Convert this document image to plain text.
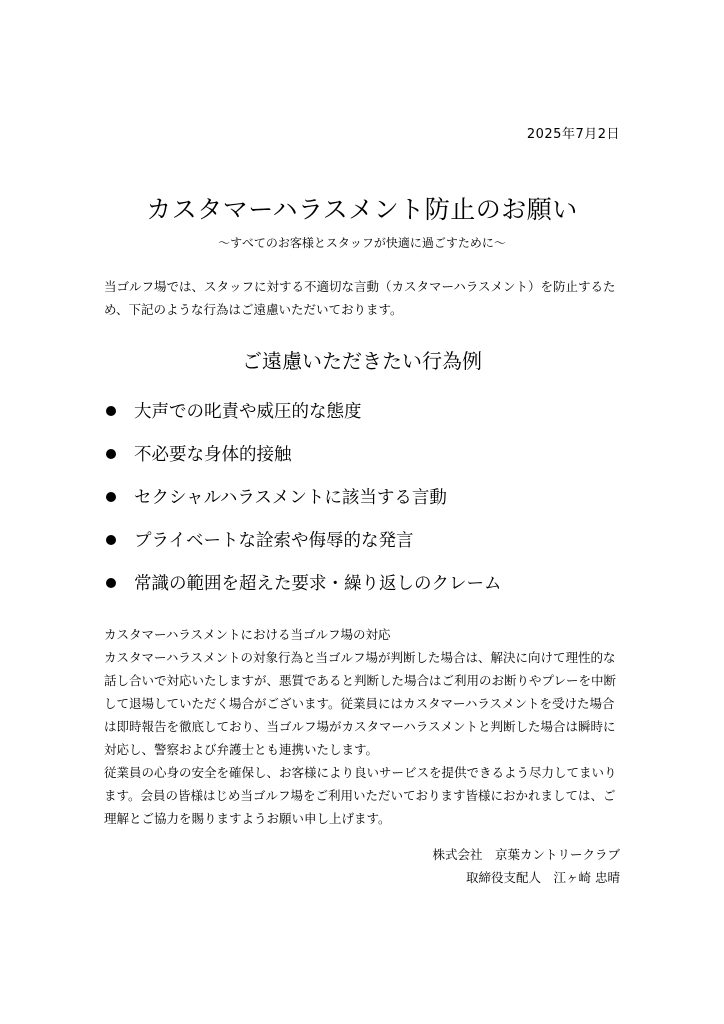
2025年7月2日
カスタマーハラスメント防止のお願い
〜すべてのお客様とスタッフが快適に過ごすために〜
当ゴルフ場では、スタッフに対する不適切な言動（カスタマーハラスメント）を防止するため、下記のような行為はご遠慮いただいております。
ご遠慮いただきたい行為例
大声での叱責や威圧的な態度
不必要な身体的接触
セクシャルハラスメントに該当する言動
プライベートな詮索や侮辱的な発言
常識の範囲を超えた要求・繰り返しのクレーム

カスタマーハラスメントにおける当ゴルフ場の対応

カスタマーハラスメントの対象行為と当ゴルフ場が判断した場合は、解決に向けて理性的な話し合いで対応いたしますが、悪質であると判断した場合はご利用のお断りやプレーを中断して退場していただく場合がございます。従業員にはカスタマーハラスメントを受けた場合は即時報告を徹底しており、当ゴルフ場がカスタマーハラスメントと判断した場合は瞬時に対応し、警察および弁護士とも連携いたします。

従業員の心身の安全を確保し、お客様により良いサービスを提供できるよう尽力してまいります。会員の皆様はじめ当ゴルフ場をご利用いただいております皆様におかれましては、ご理解とご協力を賜りますようお願い申し上げます。

株式会社　京葉カントリークラブ
取締役支配人　江ヶ崎 忠晴
